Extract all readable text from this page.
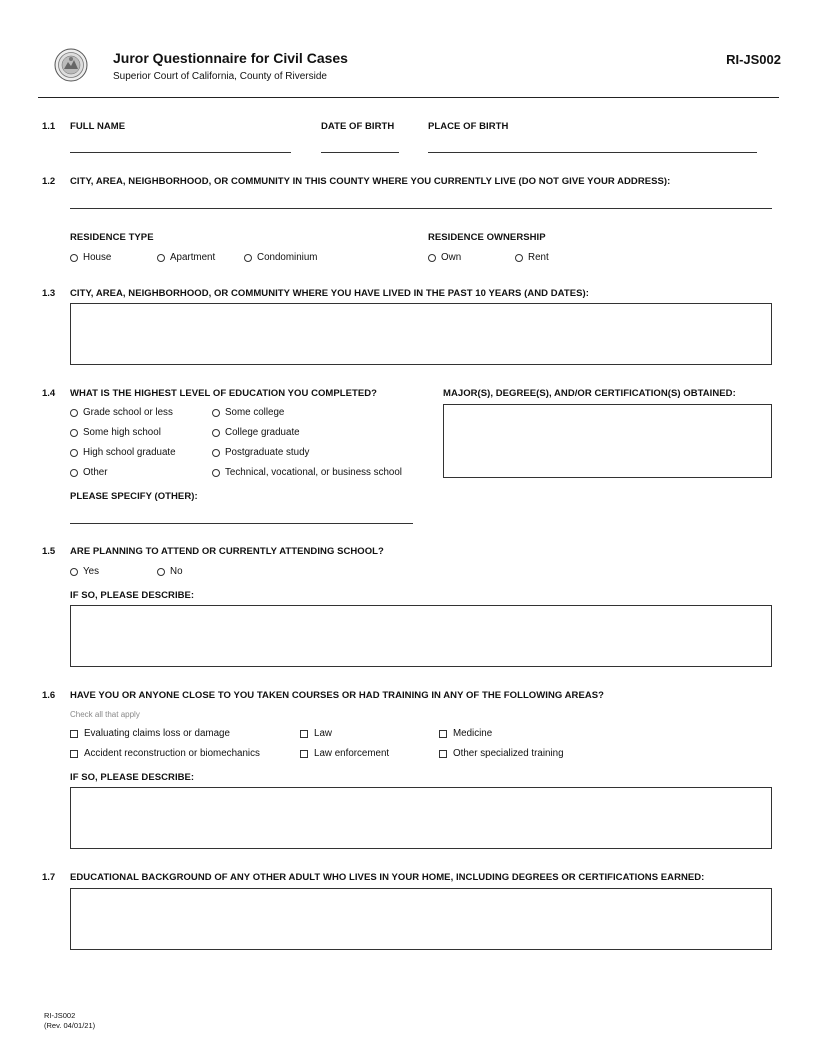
Juror Questionnaire for Civil Cases
Superior Court of California, County of Riverside
RI-JS002
1.1 FULL NAME	DATE OF BIRTH	PLACE OF BIRTH
1.2 CITY, AREA, NEIGHBORHOOD, OR COMMUNITY IN THIS COUNTY WHERE YOU CURRENTLY LIVE (DO NOT GIVE YOUR ADDRESS):
RESIDENCE TYPE
House	Apartment	Condominium
RESIDENCE OWNERSHIP
Own	Rent
1.3 CITY, AREA, NEIGHBORHOOD, OR COMMUNITY WHERE YOU HAVE LIVED IN THE PAST 10 YEARS (AND DATES):
1.4 WHAT IS THE HIGHEST LEVEL OF EDUCATION YOU COMPLETED?	MAJOR(S), DEGREE(S), AND/OR CERTIFICATION(S) OBTAINED:
Grade school or less
Some high school
High school graduate
Other
Some college
College graduate
Postgraduate study
Technical, vocational, or business school
PLEASE SPECIFY (OTHER):
1.5 ARE PLANNING TO ATTEND OR CURRENTLY ATTENDING SCHOOL?
Yes	No
IF SO, PLEASE DESCRIBE:
1.6 HAVE YOU OR ANYONE CLOSE TO YOU TAKEN COURSES OR HAD TRAINING IN ANY OF THE FOLLOWING AREAS?
Check all that apply
Evaluating claims loss or damage
Accident reconstruction or biomechanics
Law
Law enforcement
Medicine
Other specialized training
IF SO, PLEASE DESCRIBE:
1.7 EDUCATIONAL BACKGROUND OF ANY OTHER ADULT WHO LIVES IN YOUR HOME, INCLUDING DEGREES OR CERTIFICATIONS EARNED:
RI-JS002
(Rev. 04/01/21)
